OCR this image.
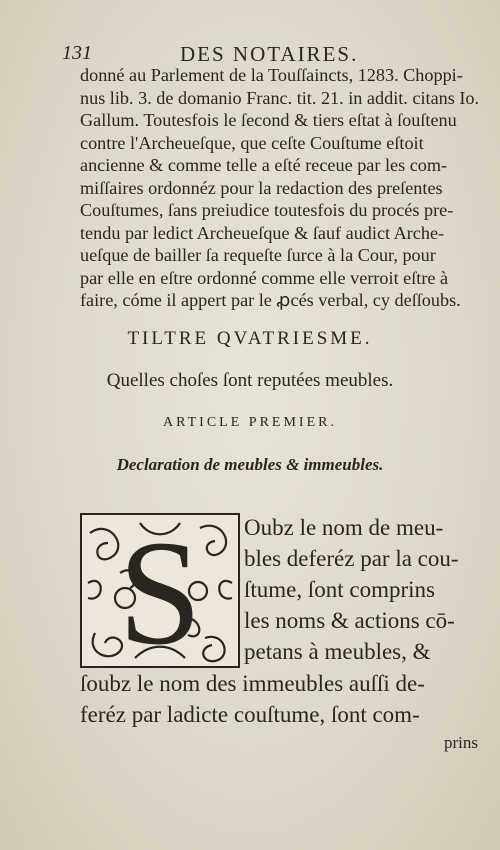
131	DES NOTAIRES.
donné au Parlement de la Touſſaincts, 1283. Choppi-
nus lib. 3. de domanio Franc. tit. 21. in addit. citans Io.
Gallum. Toutesfois le ſecond & tiers eſtat à ſouſtenu
contre l'Archeueſque, que ceſte Couſtume eſtoit
ancienne & comme telle a eſté receue par les com-
miſſaires ordonnéz pour la redaction des preſentes
Couſtumes, ſans preiudice toutesfois du procés pre-
tendu par ledict Archeueſque & ſauf audict Arche-
ueſque de bailler ſa requeſte ſurce à la Cour, pour
par elle en eſtre ordonné comme elle verroit eſtre à
faire, cóme il appert par le ꝓcés verbal, cy deſſoubs.
TILTRE QVATRIESME.
Quelles choſes ſont reputées meubles.
ARTICLE PREMIER.
Declaration de meubles & immeubles.
S Oubz le nom de meu-
bles deferéz par la cou-
ſtume, ſont comprins
les noms & actions cō-
petans à meubles, &
ſoubz le nom des immeubles auſſi de-
feréz par ladicte couſtume, ſont com-
prins
